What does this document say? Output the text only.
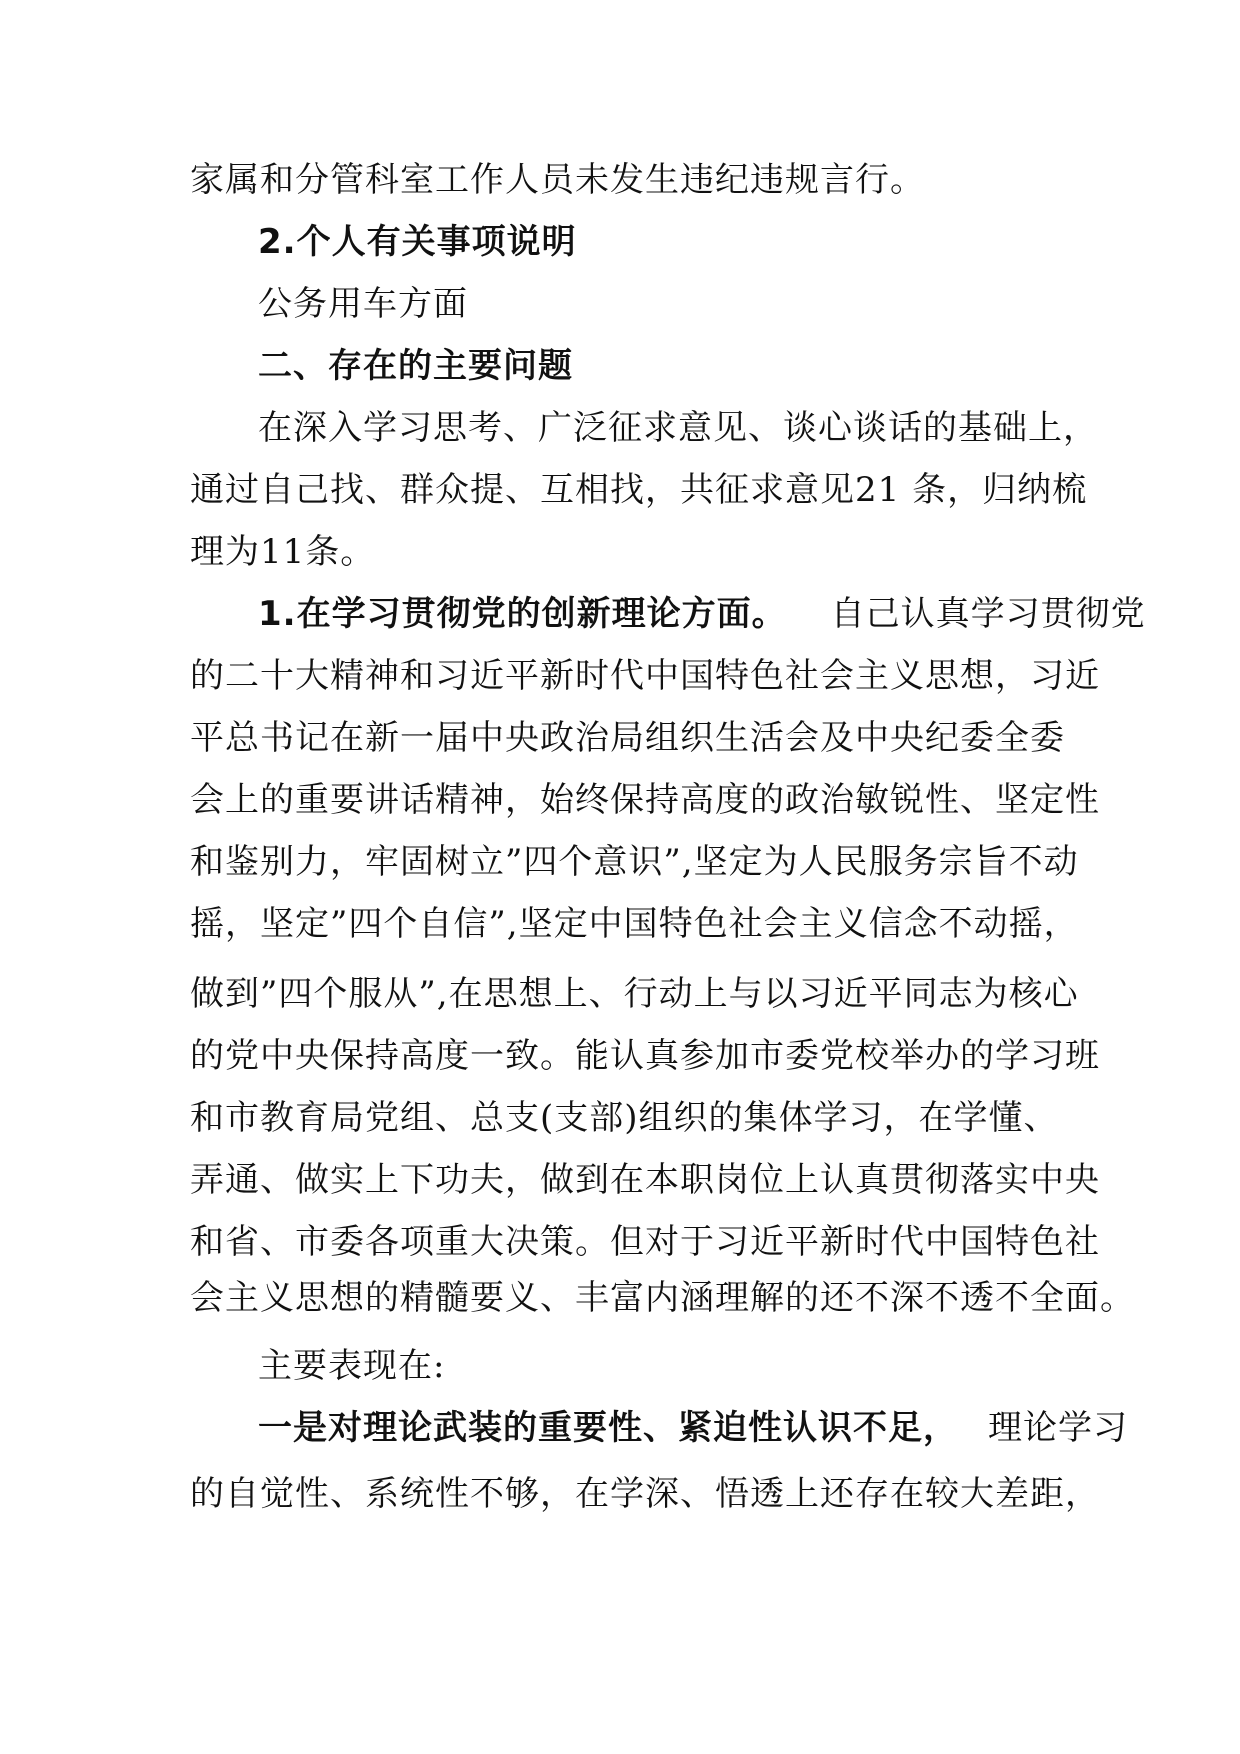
家属和分管科室工作人员未发生违纪违规言行。
2.个人有关事项说明
公务用车方面
二、存在的主要问题
在深入学习思考、广泛征求意见、谈心谈话的基础上，
通过自己找、群众提、互相找，共征求意见21 条，归纳梳
理为11条。
1.在学习贯彻党的创新理论方面。 自己认真学习贯彻党
的二十大精神和习近平新时代中国特色社会主义思想，习近
平总书记在新一届中央政治局组织生活会及中央纪委全委
会上的重要讲话精神，始终保持高度的政治敏锐性、坚定性
和鉴别力，牢固树立”四个意识”,坚定为人民服务宗旨不动
摇，坚定”四个自信”,坚定中国特色社会主义信念不动摇，
做到”四个服从”,在思想上、行动上与以习近平同志为核心
的党中央保持高度一致。能认真参加市委党校举办的学习班
和市教育局党组、总支(支部)组织的集体学习，在学懂、
弄通、做实上下功夫，做到在本职岗位上认真贯彻落实中央
和省、市委各项重大决策。但对于习近平新时代中国特色社
会主义思想的精髓要义、丰富内涵理解的还不深不透不全面。
主要表现在:
一是对理论武装的重要性、紧迫性认识不足， 理论学习
的自觉性、系统性不够，在学深、悟透上还存在较大差距，
